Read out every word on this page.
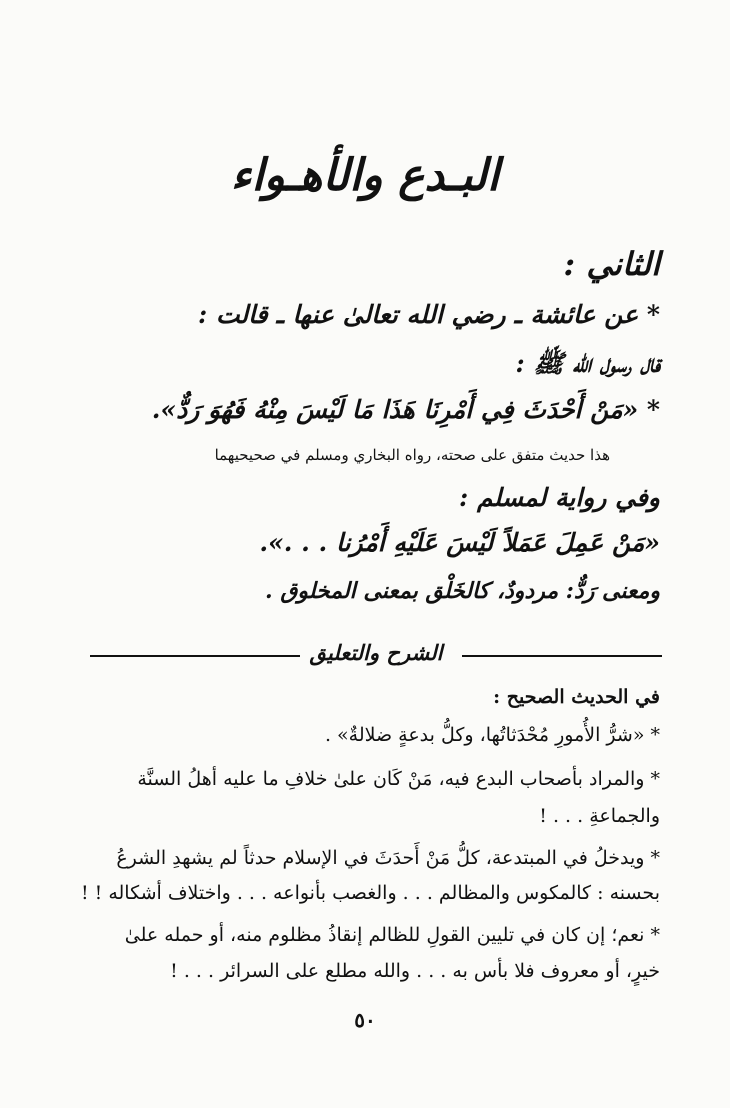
البـدع والأهـواء
الثاني :
* عن عائشة ـ رضي الله تعالىٰ عنها ـ قالت :
قال رسول الله ﷺ :
* «مَنْ أَحْدَثَ فِي أَمْرِنَا هَذَا مَا لَيْسَ مِنْهُ فَهُوَ رَدٌّ».
هذا حديث متفق على صحته، رواه البخاري ومسلم في صحيحيهما
وفي رواية لمسلم :
«مَنْ عَمِلَ عَمَلاً لَيْسَ عَلَيْهِ أَمْرُنا . . .».
ومعنى رَدٌّ: مردودٌ، كالخَلْق بمعنى المخلوق .
الشرح والتعليق
في الحديث الصحيح :
* «شرُّ الأُمورِ مُحْدَثاتُها، وكلُّ بدعةٍ ضلالةٌ» .
* والمراد بأصحاب البدع فيه، مَنْ كَان علىٰ خلافِ ما عليه أهلُ السنَّة
والجماعةِ . . . !
* ويدخلُ في المبتدعة، كلُّ مَنْ أَحدَثَ في الإسلام حدثاً لم يشهدِ الشرعُ
بحسنه : كالمكوس والمظالم . . . والغصب بأنواعه . . . واختلاف أشكاله ! !
* نعم؛ إن كان في تليين القولِ للظالم إنقاذُ مظلوم منه، أو حمله علىٰ
خيرٍ، أو معروف فلا بأس به . . . والله مطلع على السرائر . . . !
٥٠
